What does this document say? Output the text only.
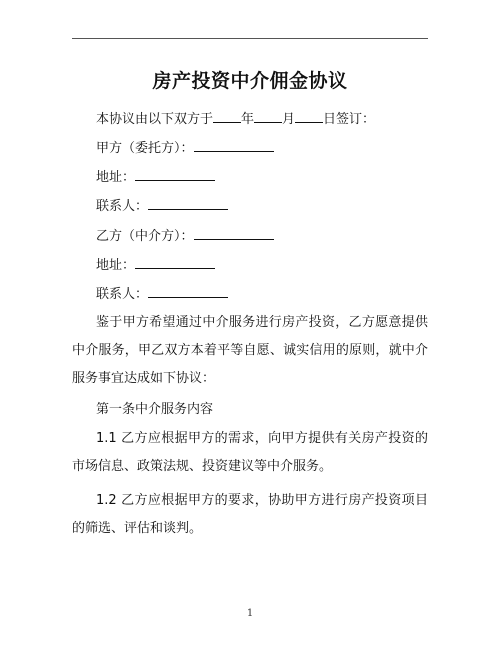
房产投资中介佣金协议
本协议由以下双方于 年 月 日签订：
甲方（委托方）：
地址：
联系人：
乙方（中介方）：
地址：
联系人：
鉴于甲方希望通过中介服务进行房产投资，乙方愿意提供中介服务，甲乙双方本着平等自愿、诚实信用的原则，就中介服务事宜达成如下协议：
第一条中介服务内容
1.1 乙方应根据甲方的需求，向甲方提供有关房产投资的市场信息、政策法规、投资建议等中介服务。
1.2 乙方应根据甲方的要求，协助甲方进行房产投资项目的筛选、评估和谈判。
1
